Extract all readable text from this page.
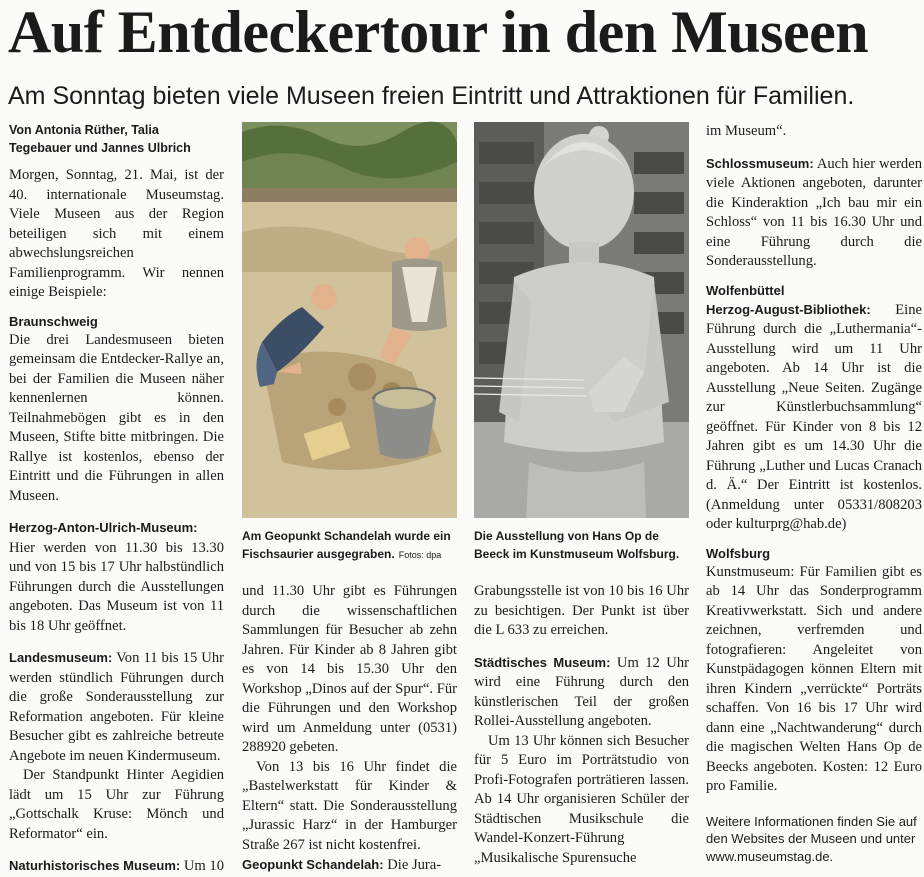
Auf Entdeckertour in den Museen
Am Sonntag bieten viele Museen freien Eintritt und Attraktionen für Familien.

Von Antonia Rüther, Talia Tegebauer und Jannes Ulbrich

Morgen, Sonntag, 21. Mai, ist der 40. internationale Museumstag. Viele Museen aus der Region beteiligen sich mit einem abwechslungsreichen Familienprogramm. Wir nennen einige Beispiele:

Braunschweig

Die drei Landesmuseen bieten gemeinsam die Entdecker-Rallye an, bei der Familien die Museen näher kennenlernen können. Teilnahmebögen gibt es in den Museen, Stifte bitte mitbringen. Die Rallye ist kostenlos, ebenso der Eintritt und die Führungen in allen Museen.

Herzog-Anton-Ulrich-Museum: Hier werden von 11.30 bis 13.30 und von 15 bis 17 Uhr halbstündlich Führungen durch die Ausstellungen angeboten. Das Museum ist von 11 bis 18 Uhr geöffnet.

Landesmuseum: Von 11 bis 15 Uhr werden stündlich Führungen durch die große Sonderausstellung zur Reformation angeboten. Für kleine Besucher gibt es zahlreiche betreute Angebote im neuen Kindermuseum.

Der Standpunkt Hinter Aegidien lädt um 15 Uhr zur Führung „Gottschalk Kruse: Mönch und Reformator“ ein.

Naturhistorisches Museum: Um 10

Am Geopunkt Schandelah wurde ein Fischsaurier ausgegraben. Fotos: dpa
Die Ausstellung von Hans Op de Beeck im Kunstmuseum Wolfsburg.

und 11.30 Uhr gibt es Führungen durch die wissenschaftlichen Sammlungen für Besucher ab zehn Jahren. Für Kinder ab 8 Jahren gibt es von 14 bis 15.30 Uhr den Workshop „Dinos auf der Spur“. Für die Führungen und den Workshop wird um Anmeldung unter (0531) 288920 gebeten.

Von 13 bis 16 Uhr findet die „Bastelwerkstatt für Kinder & Eltern“ statt. Die Sonderausstellung „Jurassic Harz“ in der Hamburger Straße 267 ist nicht kostenfrei.

Geopunkt Schandelah: Die Jura-

Grabungsstelle ist von 10 bis 16 Uhr zu besichtigen. Der Punkt ist über die L 633 zu erreichen.

Städtisches Museum: Um 12 Uhr wird eine Führung durch den künstlerischen Teil der großen Rollei-Ausstellung angeboten.

Um 13 Uhr können sich Besucher für 5 Euro im Porträtstudio von Profi-Fotografen porträtieren lassen. Ab 14 Uhr organisieren Schüler der Städtischen Musikschule die Wandel-Konzert-Führung „Musikalische Spurensuche

im Museum“.

Schlossmuseum: Auch hier werden viele Aktionen angeboten, darunter die Kinderaktion „Ich bau mir ein Schloss“ von 11 bis 16.30 Uhr und eine Führung durch die Sonderausstellung.

Wolfenbüttel

Herzog-August-Bibliothek: Eine Führung durch die „Luthermania“-Ausstellung wird um 11 Uhr angeboten. Ab 14 Uhr ist die Ausstellung „Neue Seiten. Zugänge zur Künstlerbuchsammlung“ geöffnet. Für Kinder von 8 bis 12 Jahren gibt es um 14.30 Uhr die Führung „Luther und Lucas Cranach d. Ä.“ Der Eintritt ist kostenlos. (Anmeldung unter 05331/808203 oder kulturprg@hab.de)

Wolfsburg

Kunstmuseum: Für Familien gibt es ab 14 Uhr das Sonderprogramm Kreativwerkstatt. Sich und andere zeichnen, verfremden und fotografieren: Angeleitet von Kunstpädagogen können Eltern mit ihren Kindern „verrückte“ Porträts schaffen. Von 16 bis 17 Uhr wird dann eine „Nachtwanderung“ durch die magischen Welten Hans Op de Beecks angeboten. Kosten: 12 Euro pro Familie.

Weitere Informationen finden Sie auf den Websites der Museen und unter www.museumstag.de.
